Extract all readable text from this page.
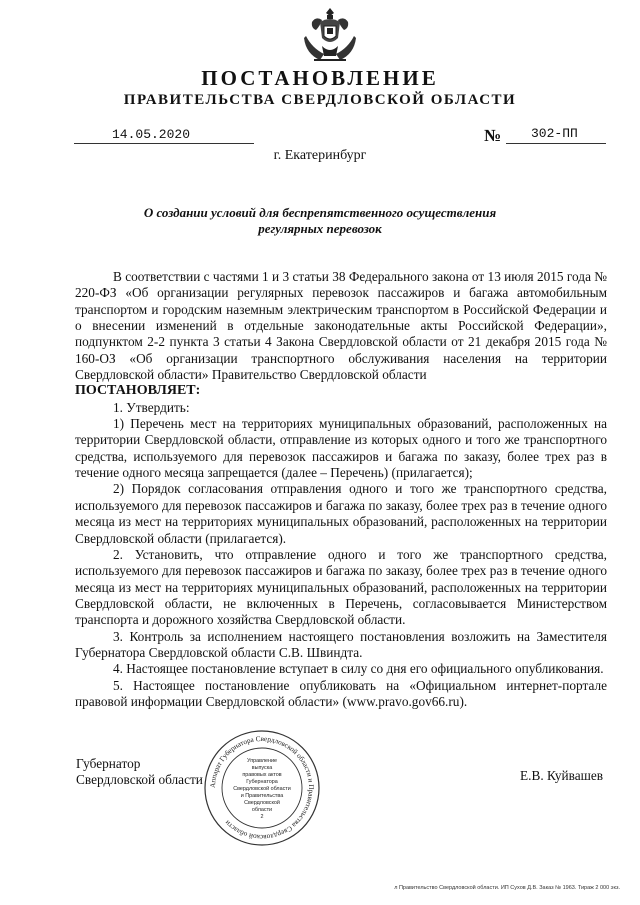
ПОСТАНОВЛЕНИЕ
ПРАВИТЕЛЬСТВА СВЕРДЛОВСКОЙ ОБЛАСТИ
14.05.2020	№ 302-ПП
г. Екатеринбург
О создании условий для беспрепятственного осуществления
регулярных перевозок

В соответствии с частями 1 и 3 статьи 38 Федерального закона от 13 июля 2015 года № 220-ФЗ «Об организации регулярных перевозок пассажиров и багажа автомобильным транспортом и городским наземным электрическим транспортом в Российской Федерации и о внесении изменений в отдельные законодательные акты Российской Федерации», подпунктом 2-2 пункта 3 статьи 4 Закона Свердловской области от 21 декабря 2015 года № 160-ОЗ «Об организации транспортного обслуживания населения на территории Свердловской области» Правительство Свердловской области

ПОСТАНОВЛЯЕТ:

1. Утвердить:

1) Перечень мест на территориях муниципальных образований, расположенных на территории Свердловской области, отправление из которых одного и того же транспортного средства, используемого для перевозок пассажиров и багажа по заказу, более трех раз в течение одного месяца запрещается (далее – Перечень) (прилагается);

2) Порядок согласования отправления одного и того же транспортного средства, используемого для перевозок пассажиров и багажа по заказу, более трех раз в течение одного месяца из мест на территориях муниципальных образований, расположенных на территории Свердловской области (прилагается).

2. Установить, что отправление одного и того же транспортного средства, используемого для перевозок пассажиров и багажа по заказу, более трех раз в течение одного месяца из мест на территориях муниципальных образований, расположенных на территории Свердловской области, не включенных в Перечень, согласовывается Министерством транспорта и дорожного хозяйства Свердловской области.

3. Контроль за исполнением настоящего постановления возложить на Заместителя Губернатора Свердловской области С.В. Швиндта.

4. Настоящее постановление вступает в силу со дня его официального опубликования.

5. Настоящее постановление опубликовать на «Официальном интернет-портале правовой информации Свердловской области» (www.pravo.gov66.ru).

Губернатор
Свердловской области	Е.В. Куйвашев
Аппарат Губернатора Свердловской области и Правительства Свердловской области
Управление
выпуска
правовых актов
Губернатора
Свердловской области
и Правительства
Свердловской
области
2
л Правительство Свердловской области. ИП Сухов Д.В. Заказ № 1963. Тираж 2 000 экз.
